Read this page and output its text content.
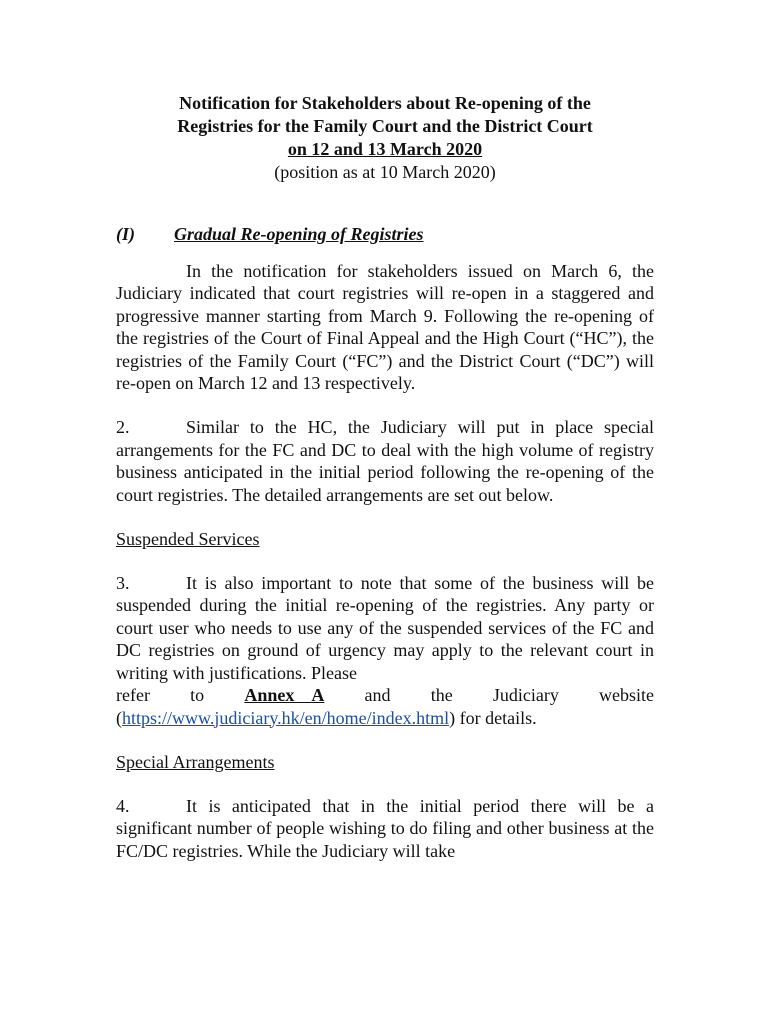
Notification for Stakeholders about Re-opening of the
Registries for the Family Court and the District Court
on 12 and 13 March 2020
(position as at 10 March 2020)
(I)	Gradual Re-opening of Registries

In the notification for stakeholders issued on March 6, the Judiciary indicated that court registries will re-open in a staggered and progressive manner starting from March 9. Following the re-opening of the registries of the Court of Final Appeal and the High Court (“HC”), the registries of the Family Court (“FC”) and the District Court (“DC”) will re-open on March 12 and 13 respectively.

2.	Similar to the HC, the Judiciary will put in place special arrangements for the FC and DC to deal with the high volume of registry business anticipated in the initial period following the re-opening of the court registries. The detailed arrangements are set out below.

Suspended Services

3.	It is also important to note that some of the business will be suspended during the initial re-opening of the registries. Any party or court user who needs to use any of the suspended services of the FC and DC registries on ground of urgency may apply to the relevant court in writing with justifications. Please

refer to Annex    A and the Judiciary website
(https://www.judiciary.hk/en/home/index.html) for details.
Special Arrangements

4.	It is anticipated that in the initial period there will be a significant number of people wishing to do filing and other business at the FC/DC registries. While the Judiciary will take
